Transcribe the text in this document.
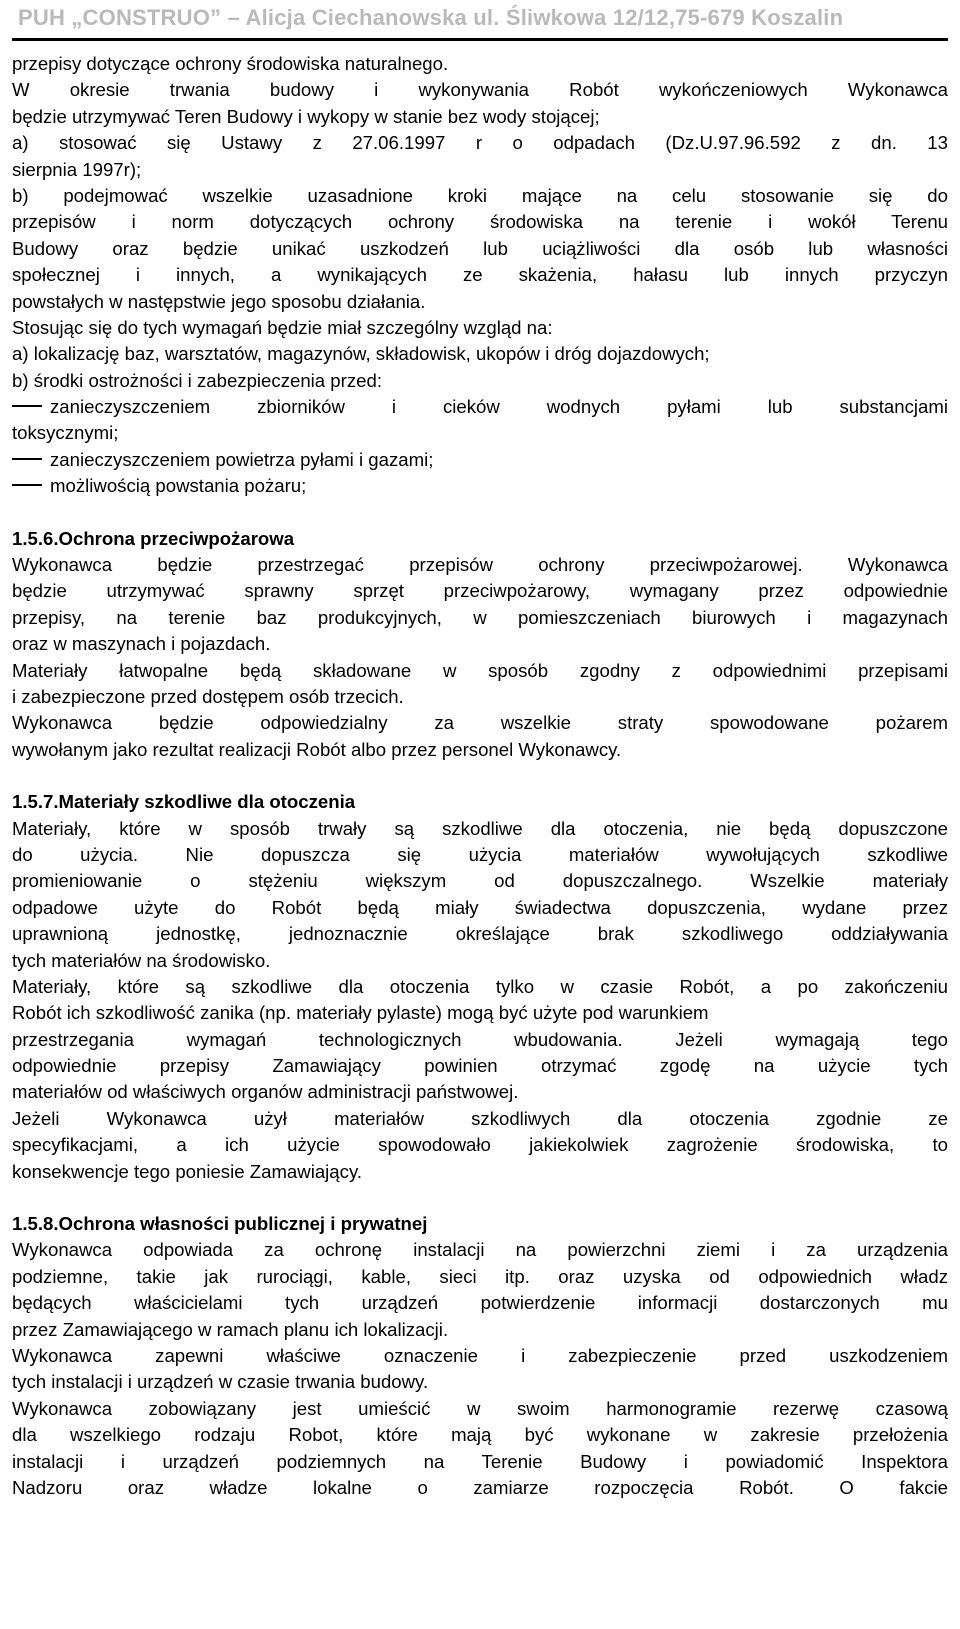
PUH „CONSTRUO” – Alicja Ciechanowska ul. Śliwkowa 12/12,75-679 Koszalin
przepisy dotyczące ochrony środowiska naturalnego.
W okresie trwania budowy i wykonywania Robót wykończeniowych Wykonawca
będzie utrzymywać Teren Budowy i wykopy w stanie bez wody stojącej;
a) stosować się Ustawy z 27.06.1997 r o odpadach (Dz.U.97.96.592 z dn. 13
sierpnia 1997r);
b) podejmować wszelkie uzasadnione kroki mające na celu stosowanie się do
przepisów i norm dotyczących ochrony środowiska na terenie i wokół Terenu
Budowy oraz będzie unikać uszkodzeń lub uciążliwości dla osób lub własności
społecznej i innych, a wynikających ze skażenia, hałasu lub innych przyczyn
powstałych w następstwie jego sposobu działania.
Stosując się do tych wymagań będzie miał szczególny wzgląd na:
a) lokalizację baz, warsztatów, magazynów, składowisk, ukopów i dróg dojazdowych;
b) środki ostrożności i zabezpieczenia przed:
zanieczyszczeniem zbiorników i cieków wodnych pyłami lub substancjami
toksycznymi;
zanieczyszczeniem powietrza pyłami i gazami;
możliwością powstania pożaru;
1.5.6.Ochrona przeciwpożarowa
Wykonawca będzie przestrzegać przepisów ochrony przeciwpożarowej. Wykonawca
będzie utrzymywać sprawny sprzęt przeciwpożarowy, wymagany przez odpowiednie
przepisy, na terenie baz produkcyjnych, w pomieszczeniach biurowych i magazynach
oraz w maszynach i pojazdach.
Materiały łatwopalne będą składowane w sposób zgodny z odpowiednimi przepisami
i zabezpieczone przed dostępem osób trzecich.
Wykonawca będzie odpowiedzialny za wszelkie straty spowodowane pożarem
wywołanym jako rezultat realizacji Robót albo przez personel Wykonawcy.
1.5.7.Materiały szkodliwe dla otoczenia
Materiały, które w sposób trwały są szkodliwe dla otoczenia, nie będą dopuszczone
do użycia. Nie dopuszcza się użycia materiałów wywołujących szkodliwe
promieniowanie o stężeniu większym od dopuszczalnego. Wszelkie materiały
odpadowe użyte do Robót będą miały świadectwa dopuszczenia, wydane przez
uprawnioną jednostkę, jednoznacznie określające brak szkodliwego oddziaływania
tych materiałów na środowisko.
Materiały, które są szkodliwe dla otoczenia tylko w czasie Robót, a po zakończeniu
Robót ich szkodliwość zanika (np. materiały pylaste) mogą być użyte pod warunkiem
przestrzegania wymagań technologicznych wbudowania. Jeżeli wymagają tego
odpowiednie przepisy Zamawiający powinien otrzymać zgodę na użycie tych
materiałów od właściwych organów administracji państwowej.
Jeżeli Wykonawca użył materiałów szkodliwych dla otoczenia zgodnie ze
specyfikacjami, a ich użycie spowodowało jakiekolwiek zagrożenie środowiska, to
konsekwencje tego poniesie Zamawiający.
1.5.8.Ochrona własności publicznej i prywatnej
Wykonawca odpowiada za ochronę instalacji na powierzchni ziemi i za urządzenia
podziemne, takie jak rurociągi, kable, sieci itp. oraz uzyska od odpowiednich władz
będących właścicielami tych urządzeń potwierdzenie informacji dostarczonych mu
przez Zamawiającego w ramach planu ich lokalizacji.
Wykonawca zapewni właściwe oznaczenie i zabezpieczenie przed uszkodzeniem
tych instalacji i urządzeń w czasie trwania budowy.
Wykonawca zobowiązany jest umieścić w swoim harmonogramie rezerwę czasową
dla wszelkiego rodzaju Robot, które mają być wykonane w zakresie przełożenia
instalacji i urządzeń podziemnych na Terenie Budowy i powiadomić Inspektora
Nadzoru oraz władze lokalne o zamiarze rozpoczęcia Robót. O fakcie
